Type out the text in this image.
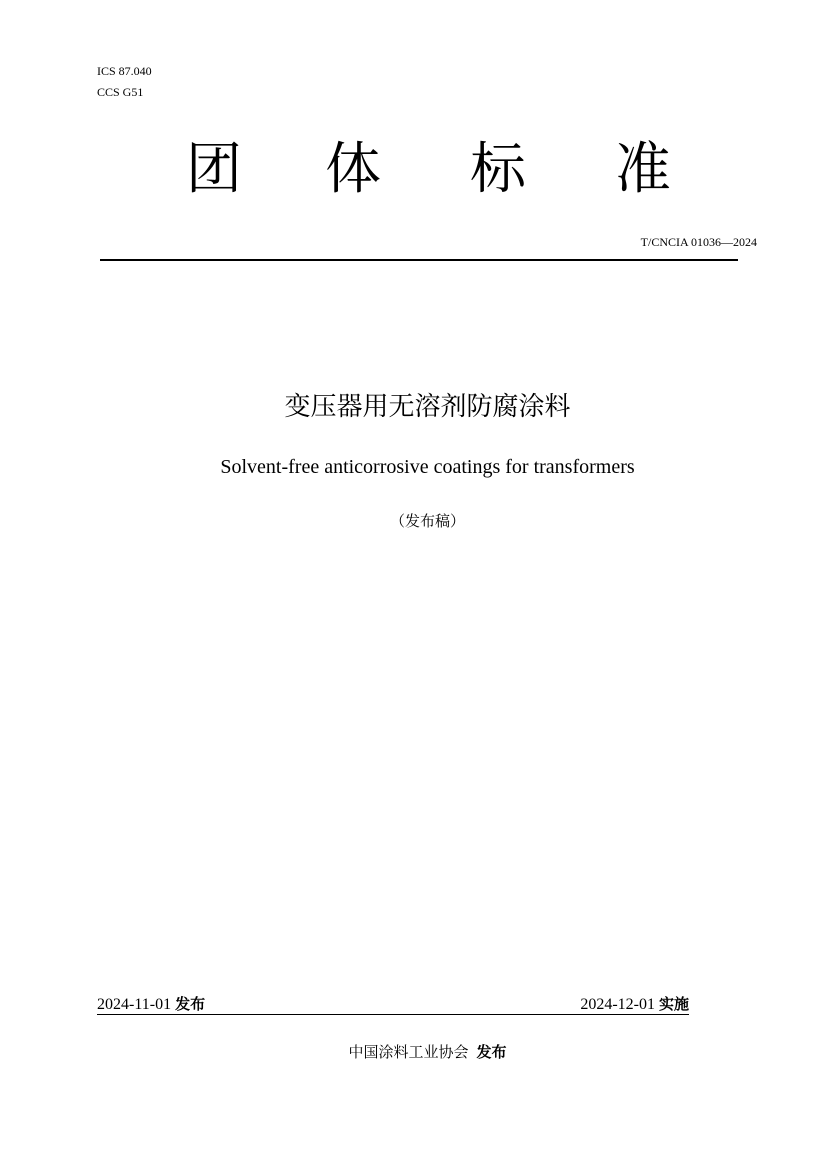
ICS 87.040
CCS G51
团 体 标 准
T/CNCIA 01036—2024
变压器用无溶剂防腐涂料
Solvent-free anticorrosive coatings for transformers
（发布稿）
2024-11-01 发布	2024-12-01 实施
中国涂料工业协会 发布
